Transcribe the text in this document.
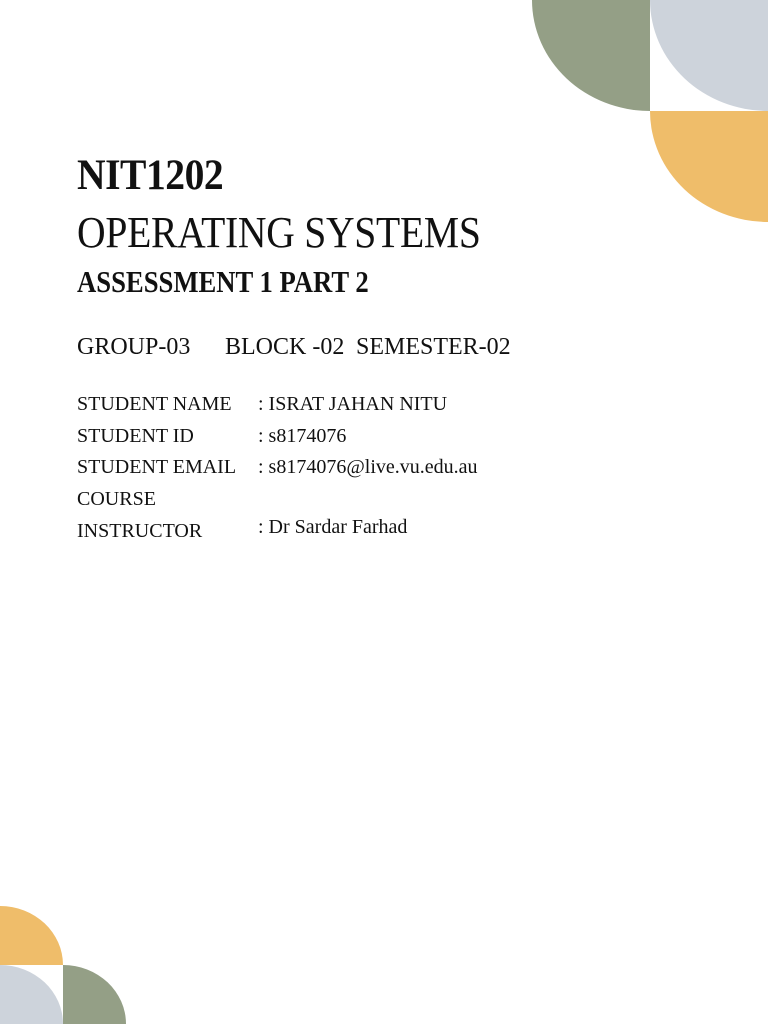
NIT1202
OPERATING SYSTEMS
ASSESSMENT 1 PART 2
GROUP-03 BLOCK -02 SEMESTER-02
STUDENT NAME : ISRAT JAHAN NITU
STUDENT ID	: s8174076
STUDENT EMAIL : s8174076@live.vu.edu.au
COURSE
INSTRUCTOR	: Dr Sardar Farhad
